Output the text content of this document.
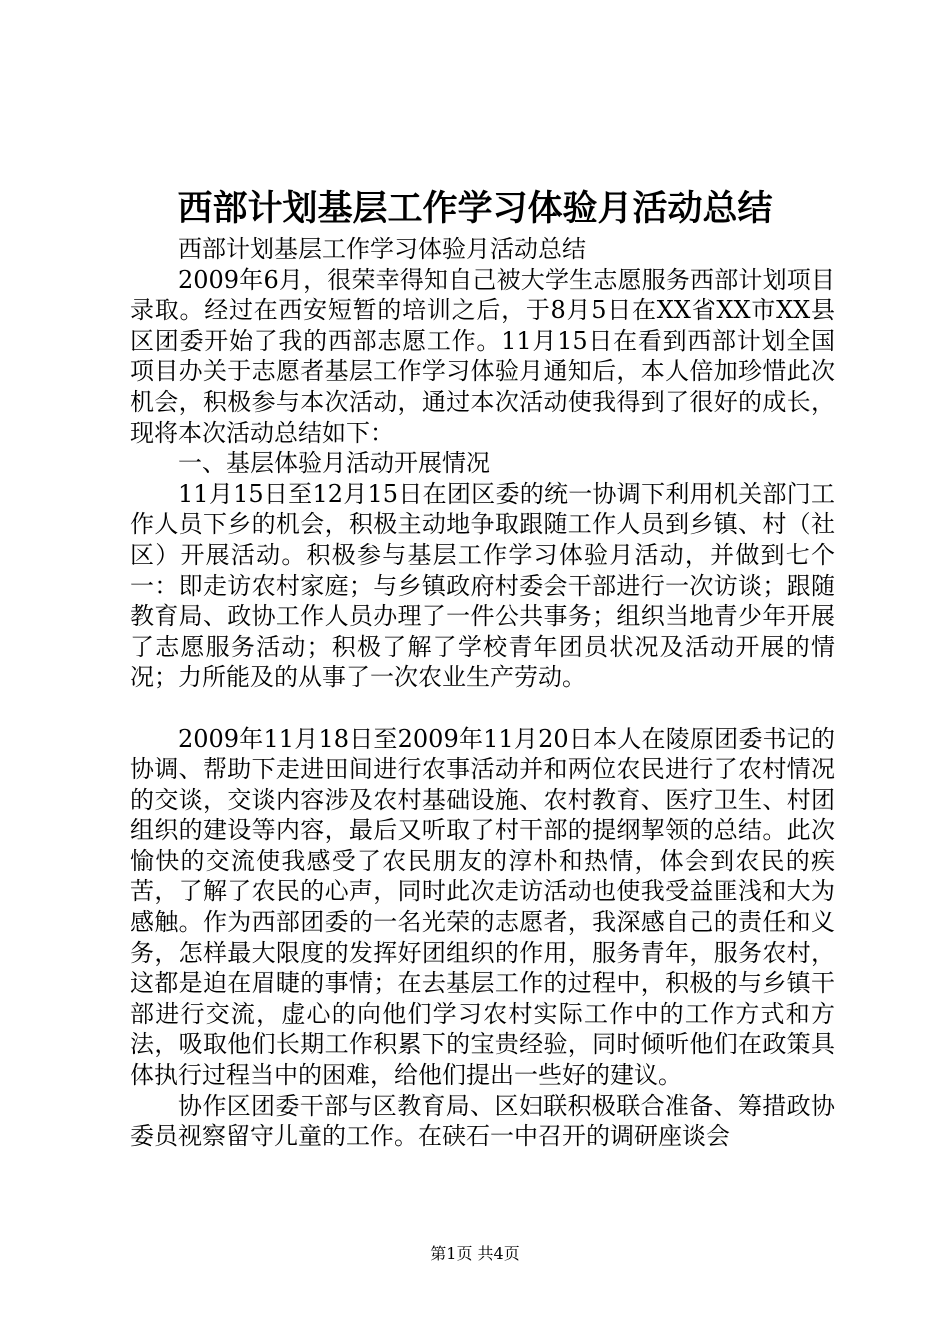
西部计划基层工作学习体验月活动总结

西部计划基层工作学习体验月活动总结

2009年6月，很荣幸得知自己被大学生志愿服务西部计划项目录取。经过在西安短暂的培训之后，于8月5日在XX省XX市XX县区团委开始了我的西部志愿工作。11月15日在看到西部计划全国项目办关于志愿者基层工作学习体验月通知后，本人倍加珍惜此次机会，积极参与本次活动，通过本次活动使我得到了很好的成长，现将本次活动总结如下：

一、基层体验月活动开展情况

11月15日至12月15日在团区委的统一协调下利用机关部门工作人员下乡的机会，积极主动地争取跟随工作人员到乡镇、村（社区）开展活动。积极参与基层工作学习体验月活动，并做到七个一：即走访农村家庭；与乡镇政府村委会干部进行一次访谈；跟随教育局、政协工作人员办理了一件公共事务；组织当地青少年开展了志愿服务活动；积极了解了学校青年团员状况及活动开展的情况；力所能及的从事了一次农业生产劳动。

2009年11月18日至2009年11月20日本人在陵原团委书记的协调、帮助下走进田间进行农事活动并和两位农民进行了农村情况的交谈，交谈内容涉及农村基础设施、农村教育、医疗卫生、村团组织的建设等内容，最后又听取了村干部的提纲挈领的总结。此次愉快的交流使我感受了农民朋友的淳朴和热情，体会到农民的疾苦，了解了农民的心声，同时此次走访活动也使我受益匪浅和大为感触。作为西部团委的一名光荣的志愿者，我深感自己的责任和义务，怎样最大限度的发挥好团组织的作用，服务青年，服务农村，这都是迫在眉睫的事情；在去基层工作的过程中，积极的与乡镇干部进行交流，虚心的向他们学习农村实际工作中的工作方式和方法，吸取他们长期工作积累下的宝贵经验，同时倾听他们在政策具体执行过程当中的困难，给他们提出一些好的建议。

协作区团委干部与区教育局、区妇联积极联合准备、筹措政协委员视察留守儿童的工作。在硖石一中召开的调研座谈会

第1页 共4页
